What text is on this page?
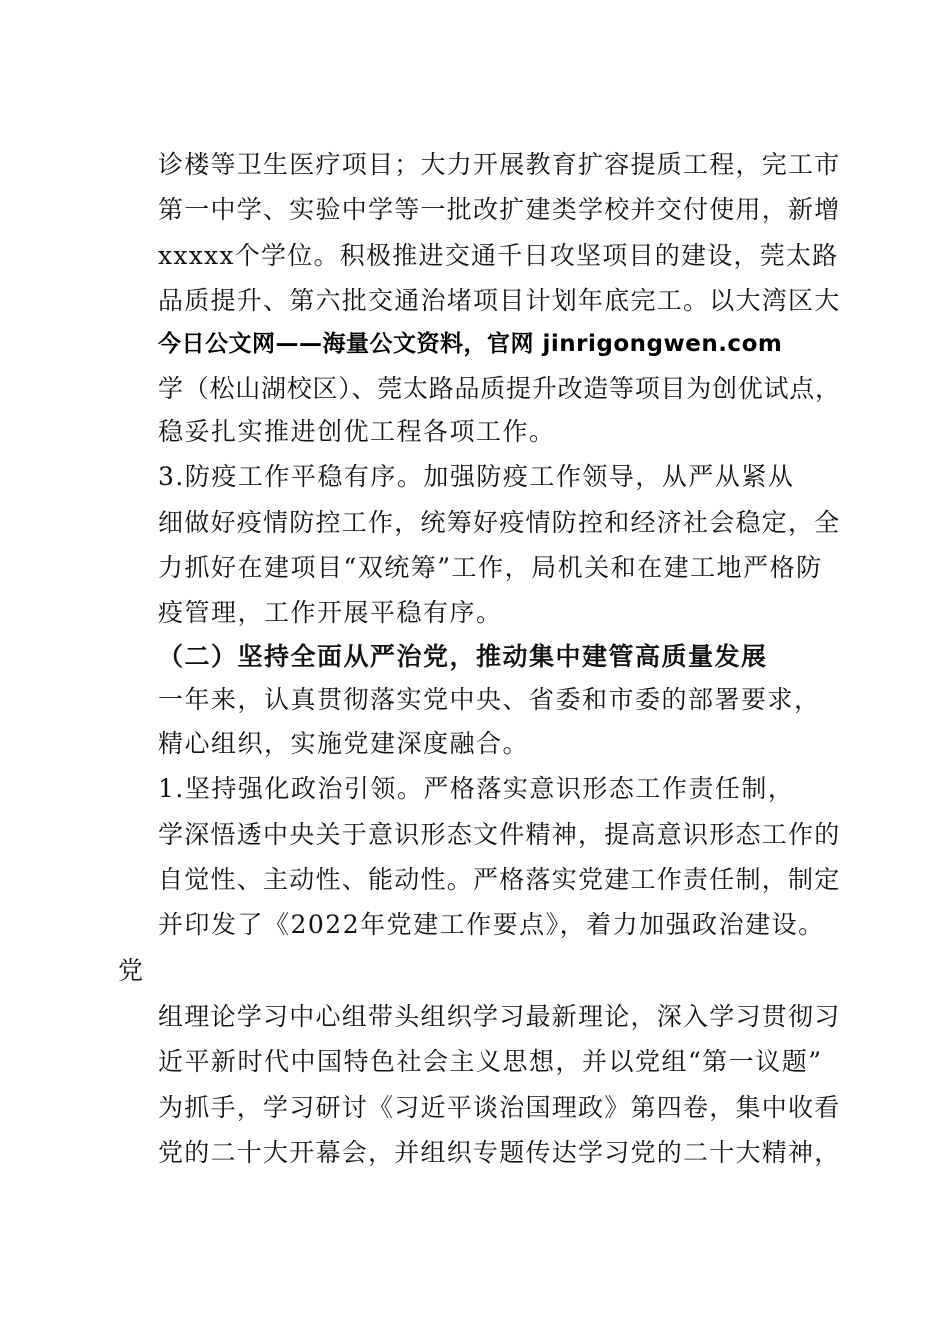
诊楼等卫生医疗项目；大力开展教育扩容提质工程，完工市
第一中学、实验中学等一批改扩建类学校并交付使用，新增
xxxxx个学位。积极推进交通千日攻坚项目的建设，莞太路
品质提升、第六批交通治堵项目计划年底完工。以大湾区大
今日公文网——海量公文资料，官网 jinrigongwen.com
学（松山湖校区）、莞太路品质提升改造等项目为创优试点，
稳妥扎实推进创优工程各项工作。
3.防疫工作平稳有序。加强防疫工作领导，从严从紧从
细做好疫情防控工作，统筹好疫情防控和经济社会稳定，全
力抓好在建项目“双统筹”工作，局机关和在建工地严格防
疫管理，工作开展平稳有序。
（二）坚持全面从严治党，推动集中建管高质量发展
一年来，认真贯彻落实党中央、省委和市委的部署要求，
精心组织，实施党建深度融合。
1.坚持强化政治引领。严格落实意识形态工作责任制，
学深悟透中央关于意识形态文件精神，提高意识形态工作的
自觉性、主动性、能动性。严格落实党建工作责任制，制定
并印发了《2022年党建工作要点》，着力加强政治建设。
党
组理论学习中心组带头组织学习最新理论，深入学习贯彻习
近平新时代中国特色社会主义思想，并以党组“第一议题”
为抓手，学习研讨《习近平谈治国理政》第四卷，集中收看
党的二十大开幕会，并组织专题传达学习党的二十大精神，
